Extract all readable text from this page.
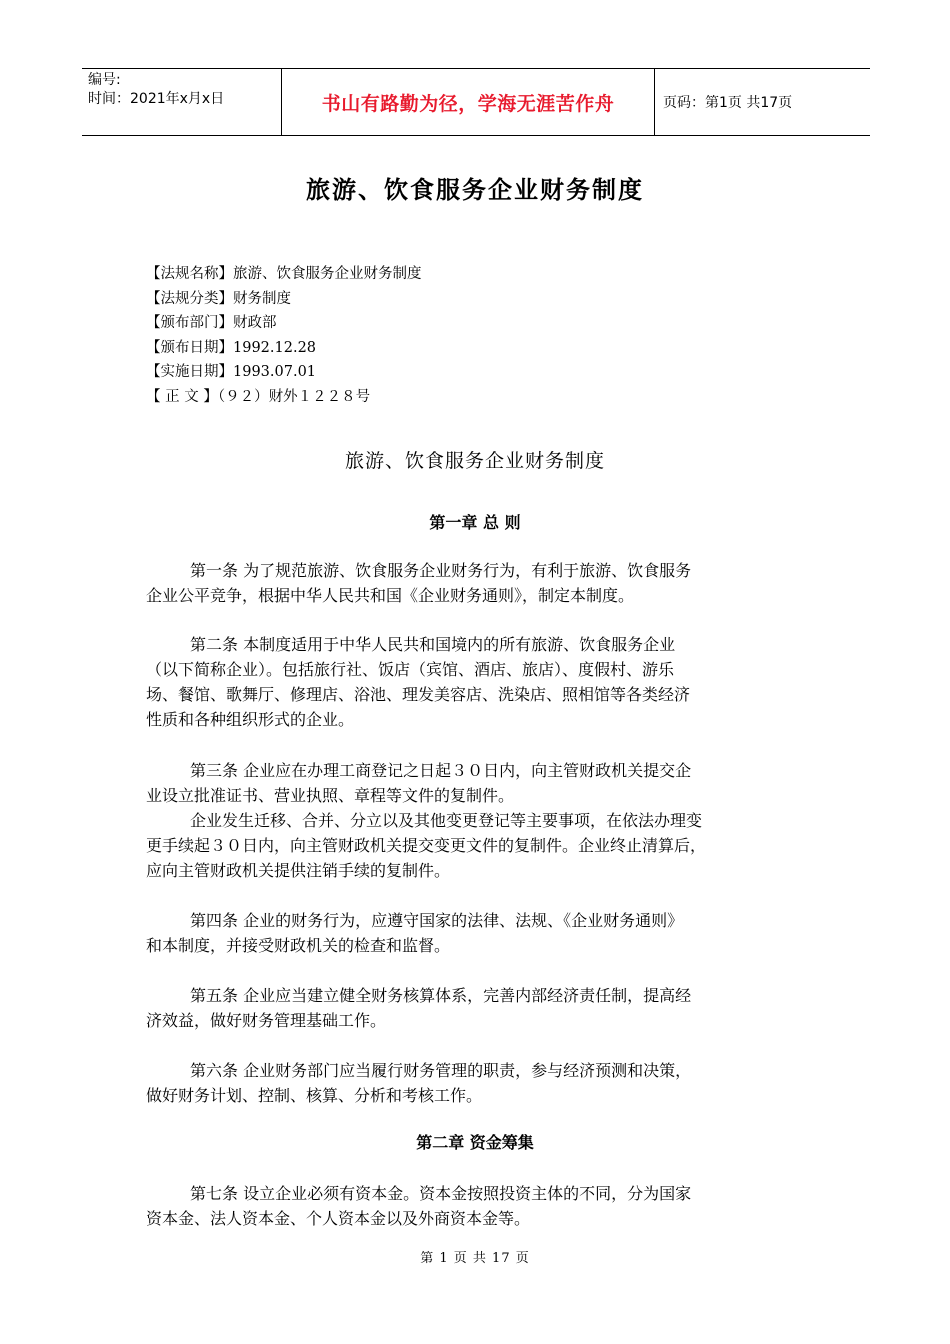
编号:
时间：2021年x月x日	书山有路勤为径，学海无涯苦作舟	页码：第1页 共17页
旅游、饮食服务企业财务制度
【法规名称】旅游、饮食服务企业财务制度
【法规分类】财务制度
【颁布部门】财政部
【颁布日期】1992.12.28
【实施日期】1993.07.01
【 正 文 】（９２）财外１２２８号
旅游、饮食服务企业财务制度
第一章 总 则
第一条 为了规范旅游、饮食服务企业财务行为，有利于旅游、饮食服务
企业公平竞争，根据中华人民共和国《企业财务通则》，制定本制度。
第二条 本制度适用于中华人民共和国境内的所有旅游、饮食服务企业
（以下简称企业）。包括旅行社、饭店（宾馆、酒店、旅店）、度假村、游乐
场、餐馆、歌舞厅、修理店、浴池、理发美容店、洗染店、照相馆等各类经济
性质和各种组织形式的企业。
第三条 企业应在办理工商登记之日起３０日内，向主管财政机关提交企
业设立批准证书、营业执照、章程等文件的复制件。
企业发生迁移、合并、分立以及其他变更登记等主要事项，在依法办理变
更手续起３０日内，向主管财政机关提交变更文件的复制件。企业终止清算后，
应向主管财政机关提供注销手续的复制件。
第四条 企业的财务行为，应遵守国家的法律、法规、《企业财务通则》
和本制度，并接受财政机关的检查和监督。
第五条 企业应当建立健全财务核算体系，完善内部经济责任制，提高经
济效益，做好财务管理基础工作。
第六条 企业财务部门应当履行财务管理的职责，参与经济预测和决策，
做好财务计划、控制、核算、分析和考核工作。
第二章 资金筹集
第七条 设立企业必须有资本金。资本金按照投资主体的不同，分为国家
资本金、法人资本金、个人资本金以及外商资本金等。
第 1 页 共 17 页
